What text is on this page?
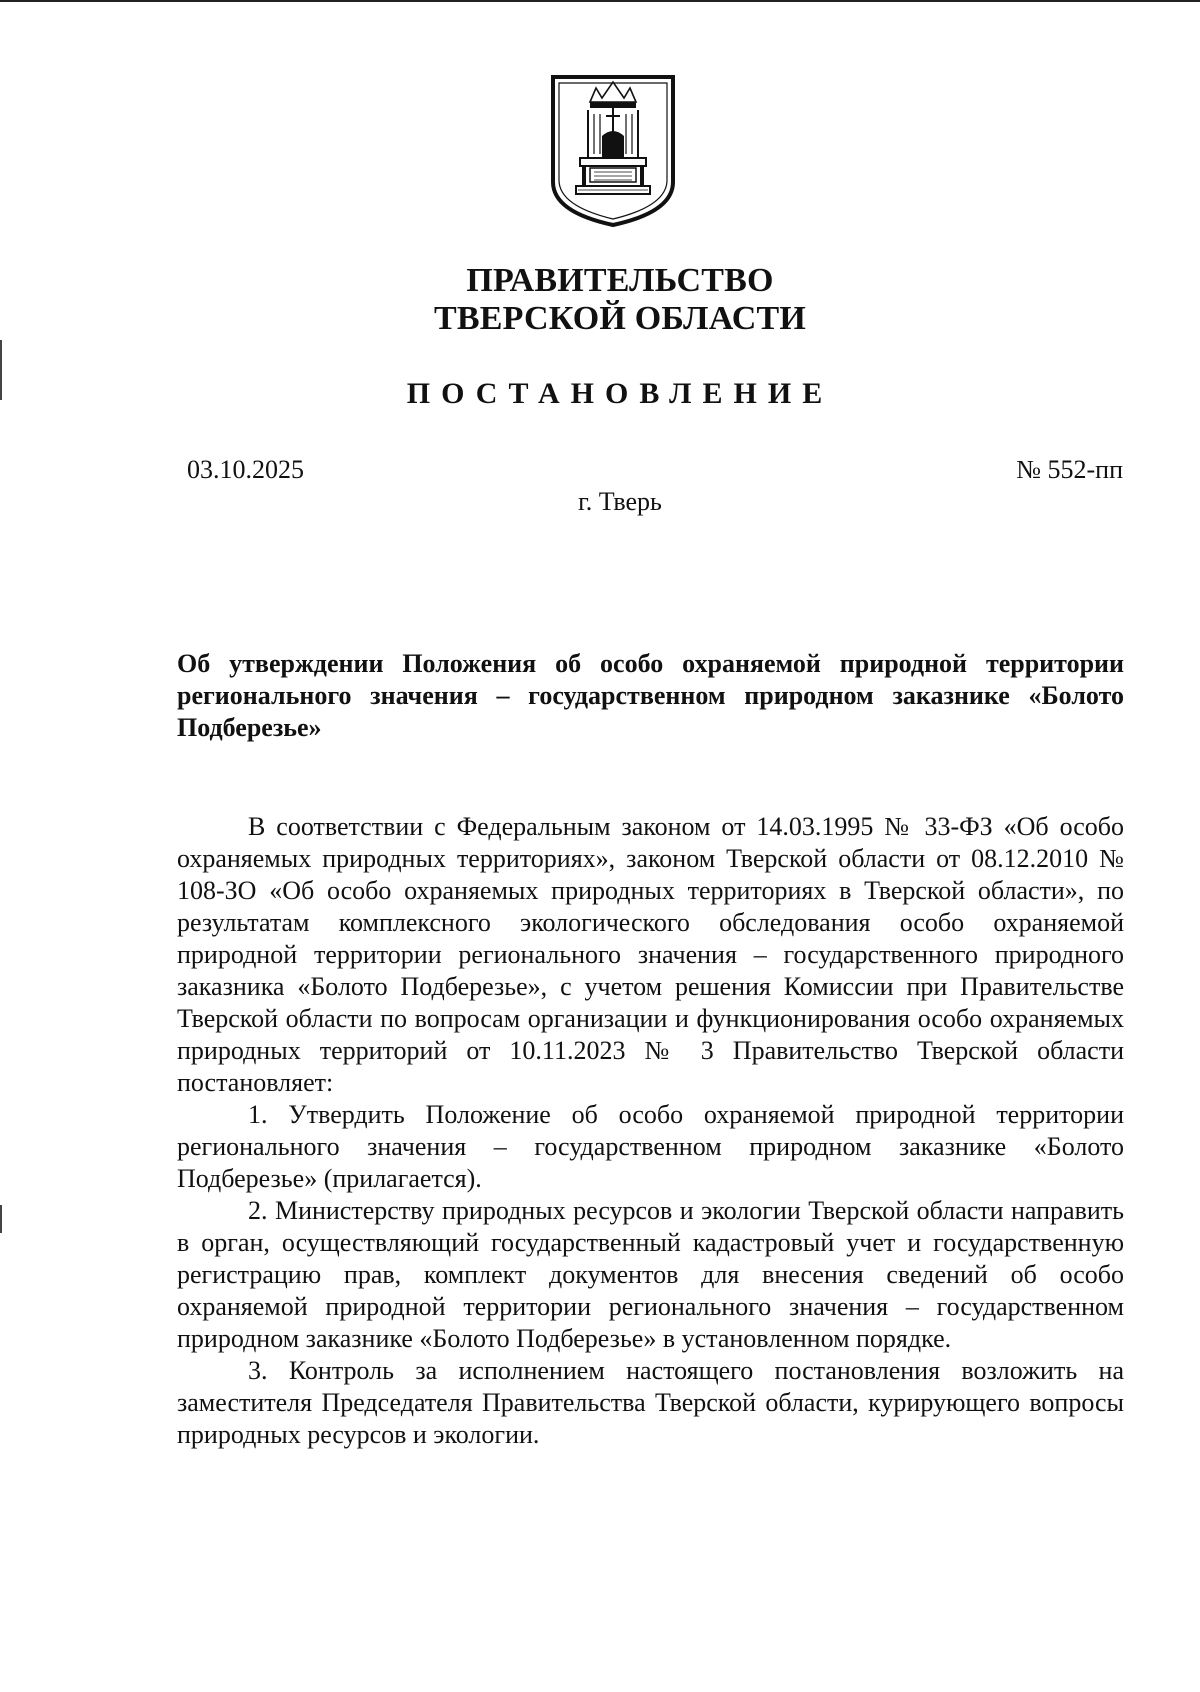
ПРАВИТЕЛЬСТВО
ТВЕРСКОЙ ОБЛАСТИ
ПОСТАНОВЛЕНИЕ
03.10.2025	№ 552-пп
г. Тверь
Об утверждении Положения об особо охраняемой природной территории регионального значения – государственном природном заказнике «Болото Подберезье»

В соответствии с Федеральным законом от 14.03.1995 № 33-ФЗ «Об особо охраняемых природных территориях», законом Тверской области от 08.12.2010 № 108-ЗО «Об особо охраняемых природных территориях в Тверской области», по результатам комплексного экологического обследования особо охраняемой природной территории регионального значения – государственного природного заказника «Болото Подберезье», с учетом решения Комиссии при Правительстве Тверской области по вопросам организации и функционирования особо охраняемых природных территорий от 10.11.2023 № 3 Правительство Тверской области постановляет:

1. Утвердить Положение об особо охраняемой природной территории регионального значения – государственном природном заказнике «Болото Подберезье» (прилагается).

2. Министерству природных ресурсов и экологии Тверской области направить в орган, осуществляющий государственный кадастровый учет и государственную регистрацию прав, комплект документов для внесения сведений об особо охраняемой природной территории регионального значения – государственном природном заказнике «Болото Подберезье» в установленном порядке.

3. Контроль за исполнением настоящего постановления возложить на заместителя Председателя Правительства Тверской области, курирующего вопросы природных ресурсов и экологии.
